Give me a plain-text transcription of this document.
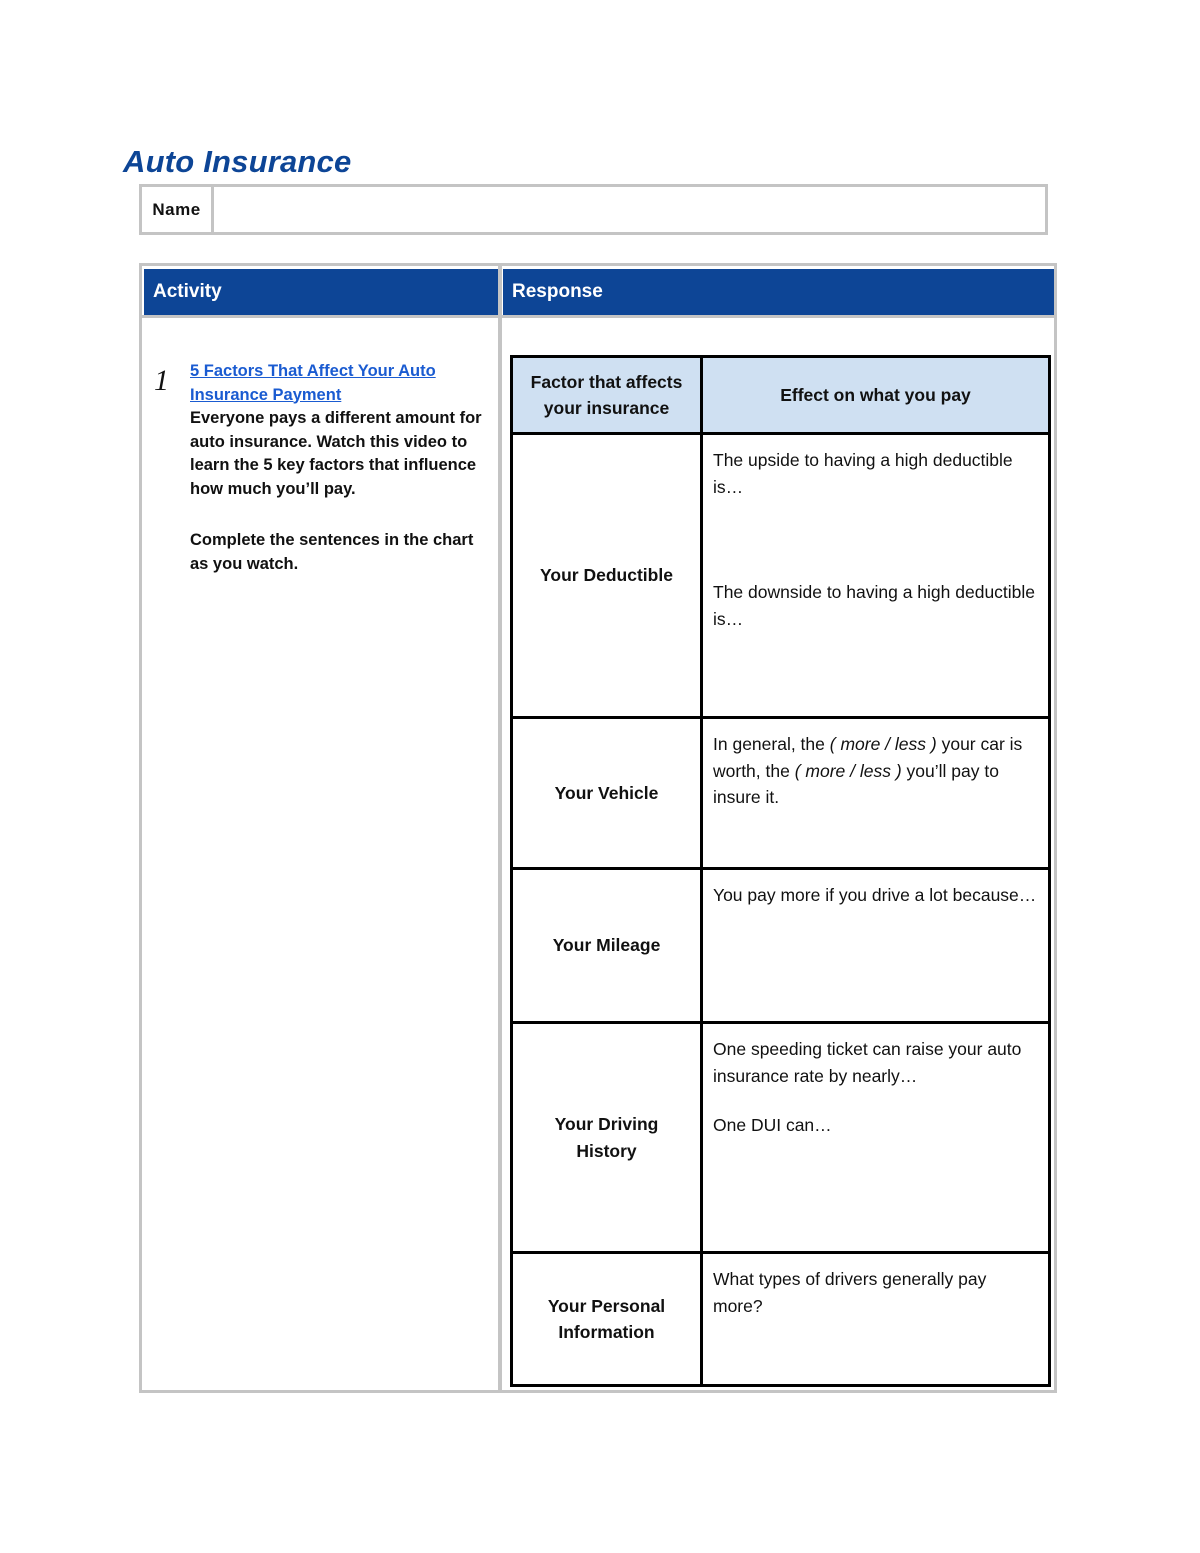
Auto Insurance
Name
Activity	Response
1 5 Factors That Affect Your Auto Insurance Payment
Everyone pays a different amount for auto insurance. Watch this video to learn the 5 key factors that influence how much you’ll pay.
Complete the sentences in the chart as you watch.
Factor that affects your insurance	Effect on what you pay
Your Deductible	The upside to having a high deductible is…
The downside to having a high deductible is…

Your Vehicle	In general, the ( more / less ) your car is worth, the ( more / less ) you’ll pay to insure it.
Your Mileage	You pay more if you drive a lot because…

Your Driving History	One speeding ticket can raise your auto insurance rate by nearly…
One DUI can…

Your Personal Information	What types of drivers generally pay more?
